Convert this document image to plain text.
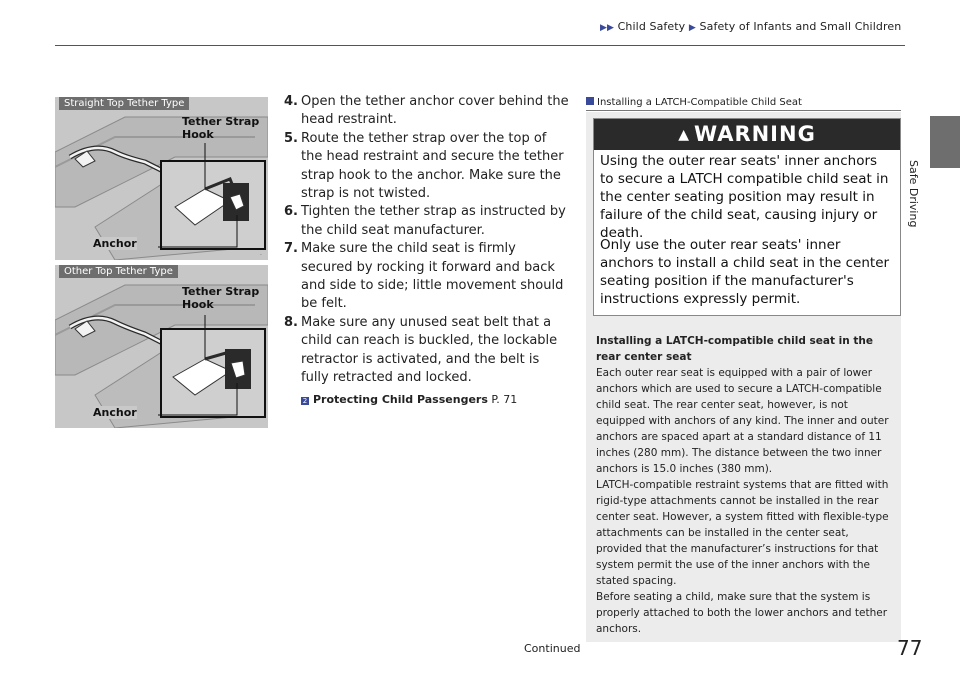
▶▶ Child Safety ▶ Safety of Infants and Small Children
Safe Driving
·
Straight Top Tether Type
Tether Strap
Hook
Anchor
Other Top Tether Type
Tether Strap
Hook
Anchor
4. Open the tether anchor cover behind the head restraint.
5. Route the tether strap over the top of the head restraint and secure the tether strap hook to the anchor. Make sure the strap is not twisted.
6. Tighten the tether strap as instructed by the child seat manufacturer.
7. Make sure the child seat is firmly secured by rocking it forward and back and side to side; little movement should be felt.
8. Make sure any unused seat belt that a child can reach is buckled, the lockable retractor is activated, and the belt is fully retracted and locked.
2 Protecting Child Passengers P. 71
Installing a LATCH-Compatible Child Seat
▲ WARNING
Using the outer rear seats' inner anchors to secure a LATCH compatible child seat in the center seating position may result in failure of the child seat, causing injury or death.
Only use the outer rear seats' inner anchors to install a child seat in the center seating position if the manufacturer's instructions expressly permit.
Installing a LATCH-compatible child seat in the rear center seat
Each outer rear seat is equipped with a pair of lower anchors which are used to secure a LATCH-compatible child seat. The rear center seat, however, is not equipped with anchors of any kind. The inner and outer anchors are spaced apart at a standard distance of 11 inches (280 mm). The distance between the two inner anchors is 15.0 inches (380 mm).
LATCH-compatible restraint systems that are fitted with rigid-type attachments cannot be installed in the rear center seat. However, a system fitted with flexible-type attachments can be installed in the center seat, provided that the manufacturer’s instructions for that system permit the use of the inner anchors with the stated spacing.
Before seating a child, make sure that the system is properly attached to both the lower anchors and tether anchors.
Continued	77
